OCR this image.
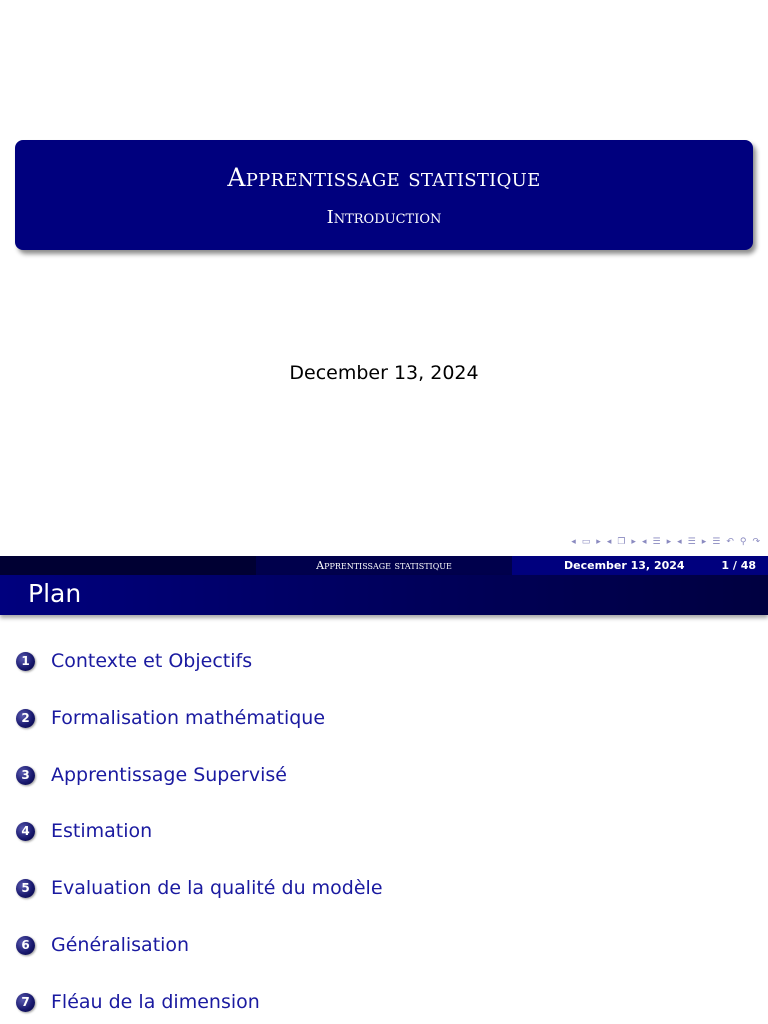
Apprentissage statistique
Introduction
December 13, 2024
◂ ▭ ▸ ◂ ❐ ▸ ◂ ☰ ▸ ◂ ☰ ▸ ☰ ↶ ⚲ ↷
Apprentissage statistique	December 13, 2024	1 / 48
Plan
1 Contexte et Objectifs
2 Formalisation mathématique
3 Apprentissage Supervisé
4 Estimation
5 Evaluation de la qualité du modèle
6 Généralisation
7 Fléau de la dimension
